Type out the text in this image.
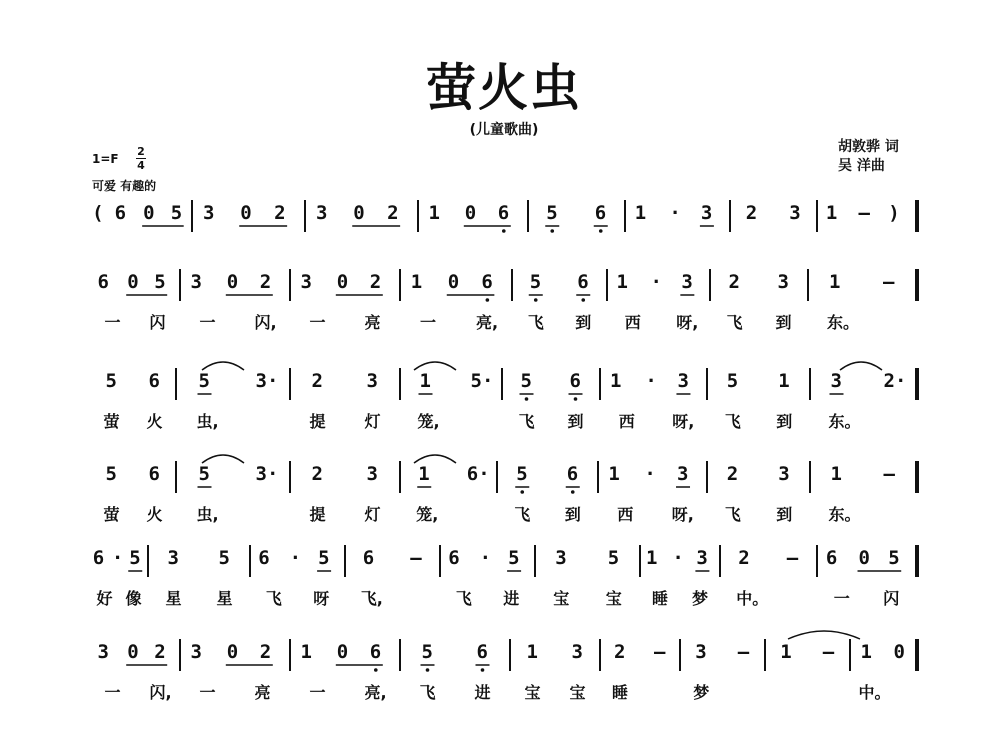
萤火虫
(儿童歌曲)
胡敦骅 词
吴 洋曲
1=F
2
4
可爱 有趣的
( 6 0 5 3 0 2 3 0 2 1 0 6 5 6 1 · 3 2 3 1 – )
6 0 5
一 闪
3 0 2
一 闪,
3 0 2
一 亮
1 0 6
一 亮,
5 6
飞 到
1 · 3
西 呀,
2 3
飞 到
1 –
东。
5 6
萤 火
5 3·
虫,
2 3
提 灯
1 5·
笼,
5 6
飞 到
1 · 3
西 呀,
5 1
飞 到
3 2·
东。
5 6
萤 火
5 3·
虫,
2 3
提 灯
1 6·
笼,
5 6
飞 到
1 · 3
西 呀,
2 3
飞 到
1 –
东。
6 · 5
好 像
3 5
星 星
6 · 5
飞 呀
6 –
飞,
6 · 5
飞 进
3 5
宝 宝
1 · 3
睡 梦
2 –
中。
6 0 5
一 闪
3 0 2
一 闪,
3 0 2
一 亮
1 0 6
一 亮,
5 6
飞 进
1 3
宝 宝
2 –
睡
3 –
梦
1 – 1 0
中。
